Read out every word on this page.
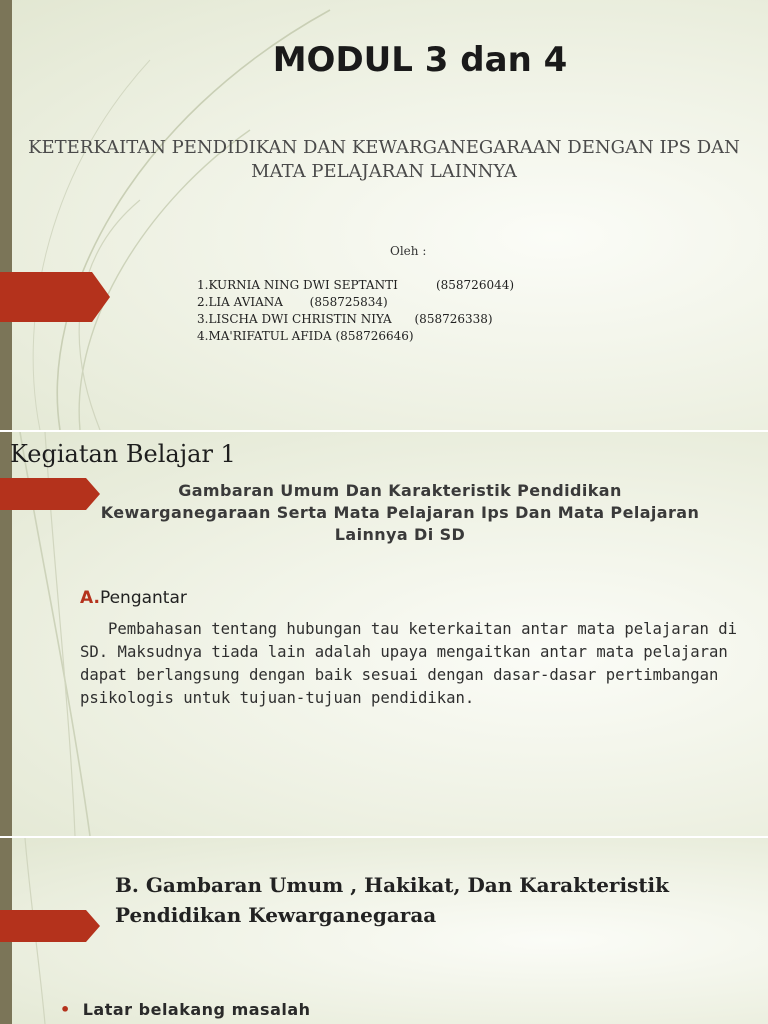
MODUL 3 dan 4
KETERKAITAN PENDIDIKAN DAN KEWARGANEGARAAN DENGAN IPS DAN MATA PELAJARAN LAINNYA
Oleh :
1.KURNIA NING DWI SEPTANTI          (858726044)
2.LIA AVIANA       (858725834)
3.LISCHA DWI CHRISTIN NIYA      (858726338)
4.MA'RIFATUL AFIDA (858726646)
Kegiatan Belajar 1
Gambaran Umum Dan Karakteristik Pendidikan Kewarganegaraan Serta Mata Pelajaran Ips Dan Mata Pelajaran Lainnya Di SD
A.Pengantar

Pembahasan tentang hubungan tau keterkaitan antar mata pelajaran di SD. Maksudnya tiada lain adalah upaya mengaitkan antar mata pelajaran dapat berlangsung dengan baik sesuai dengan dasar-dasar pertimbangan psikologis untuk tujuan-tujuan pendidikan.

B. Gambaran Umum , Hakikat, Dan Karakteristik Pendidikan Kewarganegaraa
• Latar belakang masalah
